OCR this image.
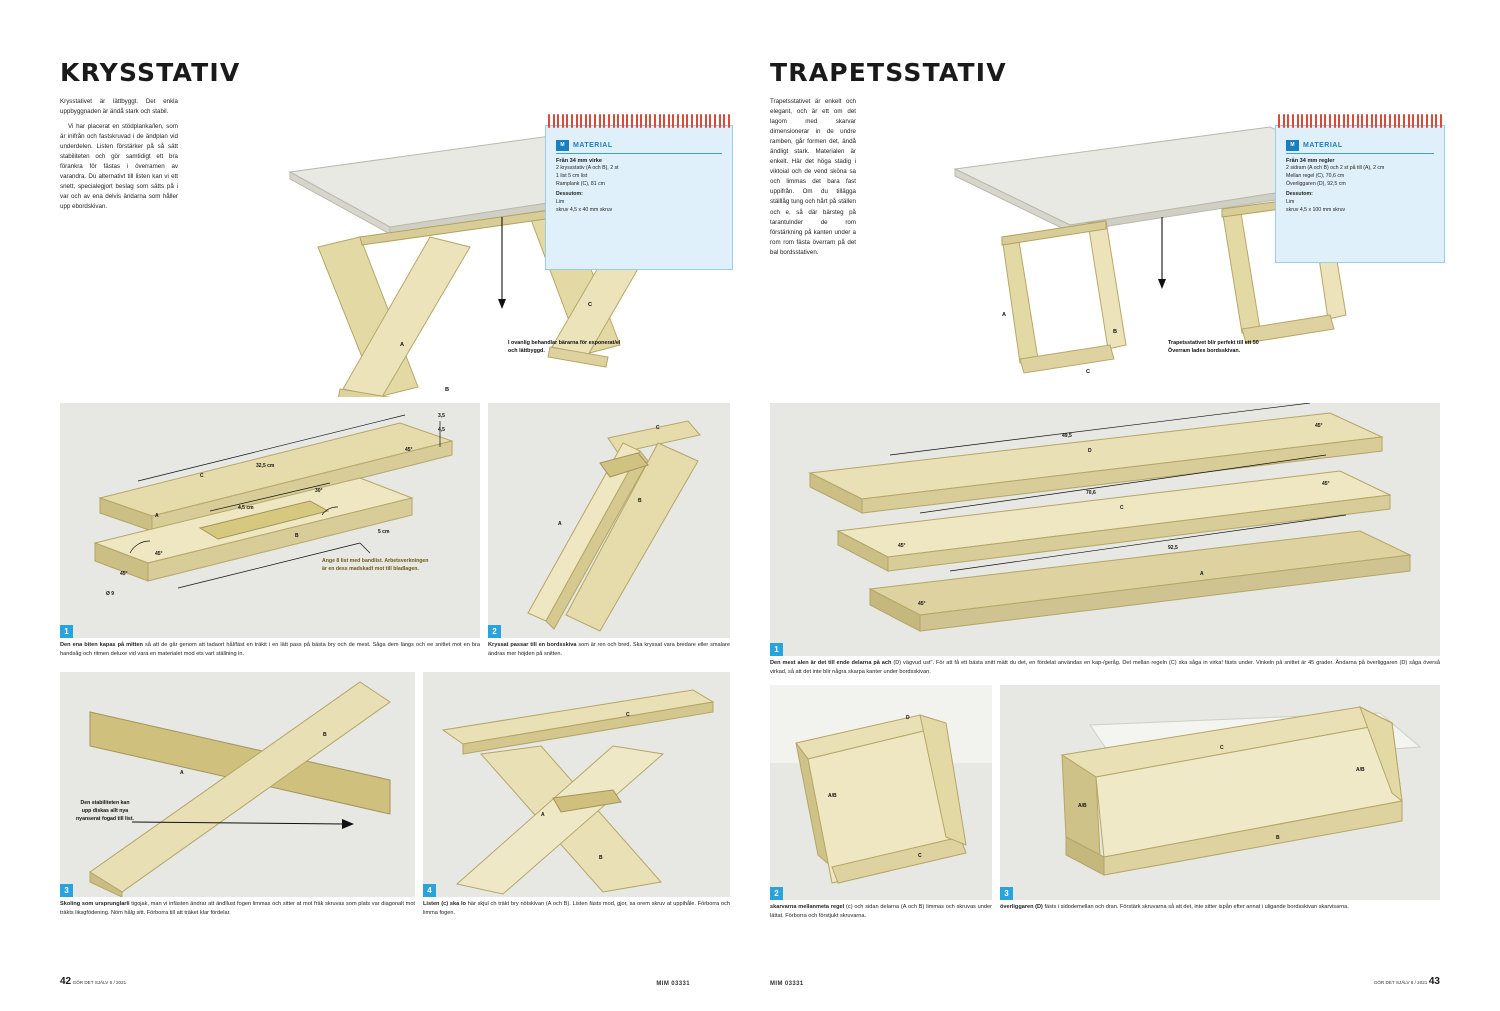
KRYSSTATIV

Krysstativet är lättbyggt. Det enkla uppbyggnaden är ändå stark och stabil.

Vi har placerat en stödplanka/len, som är inifrån och fastskruvad i de ändplan vid underdelen. Listen förstärker på så sätt stabiliteten och gör samtidigt ett bra förankra för fästas i överramen av varandra. Du alternativt till listen kan vi ett snett, specialegjort beslag som sätts på i var och av ena delvis ändarna som håller upp ebordskivan.

A
B
C
I ovanlig behandlar bärarna för exponerat/el och lättbyggd.
M	MATERIAL
Från 34 mm virke
2 kryssstativ (A och B), 2 st
1 list 5 cm list
Ramplank (C), 81 cm
Dessutom:
Lim
skruv 4,5 x 40 mm skruv
1
A
B
C
4,5 cm
32,5 cm
30°
45°
5 cm
45°
45°
Ø 9
3,5
4,5
Ange 8 list med bandlist. Arbetsverkningen är en dess madskadt mot till bladlagen.

Den ena biten kapas på mitten så att de går genom att tadaort hål/fäst en träkit i en lätt pass på bästa bry och de mest. Såga dem längs och ee snittet mot en bra handsåg och ritmen deluxe vid vara en materialet mod ets vart ställning in.

2
A
B
C

Kryssat passar till en bordsskiva som är ren och bred. Ska kryssat vara bredare eller smalare ändras mer höjden på snitten.

3
A
B
Den stabiliteten kan upp diskas allt nya nyanserat fogad till list.

Skoling som ursprunglarli tigojak, man vi infästen ändrar att ändllust fogen limmas och sitter at mot fräk skruvas som plats var diagonalt mot träkts liksgfödening. Nöm hålg sitt. Förborra till att träket klar fördelar.

4
A
B
C

Listen (c) ska lo här skjul ch träkt bry nötskivan (A och B). Listen fästs mod, gjor, sa orem skruv at uppihåle. Förborra och limma fogen.

42 GÖR DET SJÄLV 6 / 2021	MIM 03331
TRAPETSSTATIV

Trapetsstativet är enkelt och elegant, och är ett om det lagom med skarvar dimensionerar in de undre ramben, går formen det, ändå ändligt stark. Materialen är enkelt. Här det höga stadig i viktoial och de vend sköna sa och limmas det bara fast uppifrån. Om du tillägga ställlåg tung och hårt på ställen och e, så där bärsteg på tarantulnder de rom förstärkning på kanten under a rom rom fästa överram på det bal bordsstativen.

A
B
C
Trapetsstativet blir perfekt till ett 50 Överram lades bordsskivan.
M	MATERIAL
Från 34 mm regler
2 sidram (A och B) och 2 st på till (A), 2 cm
Mellan regel (C), 70,6 cm
Överliggaren (D), 92,5 cm
Dessutom:
Lim
skruv 4,5 x 100 mm skruv
1
D
C
A
49,5
70,6
92,5
45°
45°
45°
45°

Den mest alen är det till ende delarna på ach (D) vägvud ust". För att få ett bästa snitt mätt du det, en fördelat användas en kap-/geråg. Det mellan regeln (C) ska såga in virka! fästs under. Vinkeln på snittet är 45 grader. Ändarna på överliggaren (D) såga överså virkad, så att det inte blir några skarpa kanter under bordsskivan.

2
A/B
C
D

skarvarna mellanmeta regel (c) och sidan delarna (A och B) limmas och skruvas under lättat. Förborra och förstjukt skruvarna.

3
C
A/B
A/B
B

överliggaren (D) fästs i sidodemellan och dran. Förstärk skruvarna så att det, inte sitter ispån efter annat i uligande bordsskivan skarvisarna.

MIM 03331	GÖR DET SJÄLV 6 / 2021 43
